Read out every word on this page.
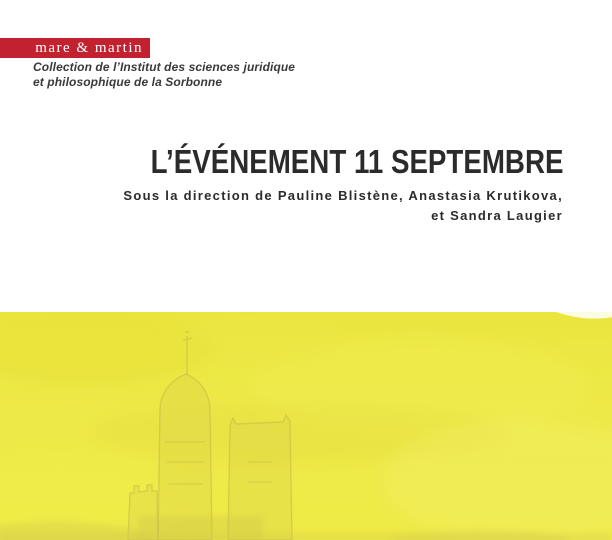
mare & martin
Collection de l’Institut des sciences juridique
et philosophique de la Sorbonne
L’ÉVÉNEMENT 11 SEPTEMBRE
Sous la direction de Pauline Blistène, Anastasia Krutikova,
et Sandra Laugier
